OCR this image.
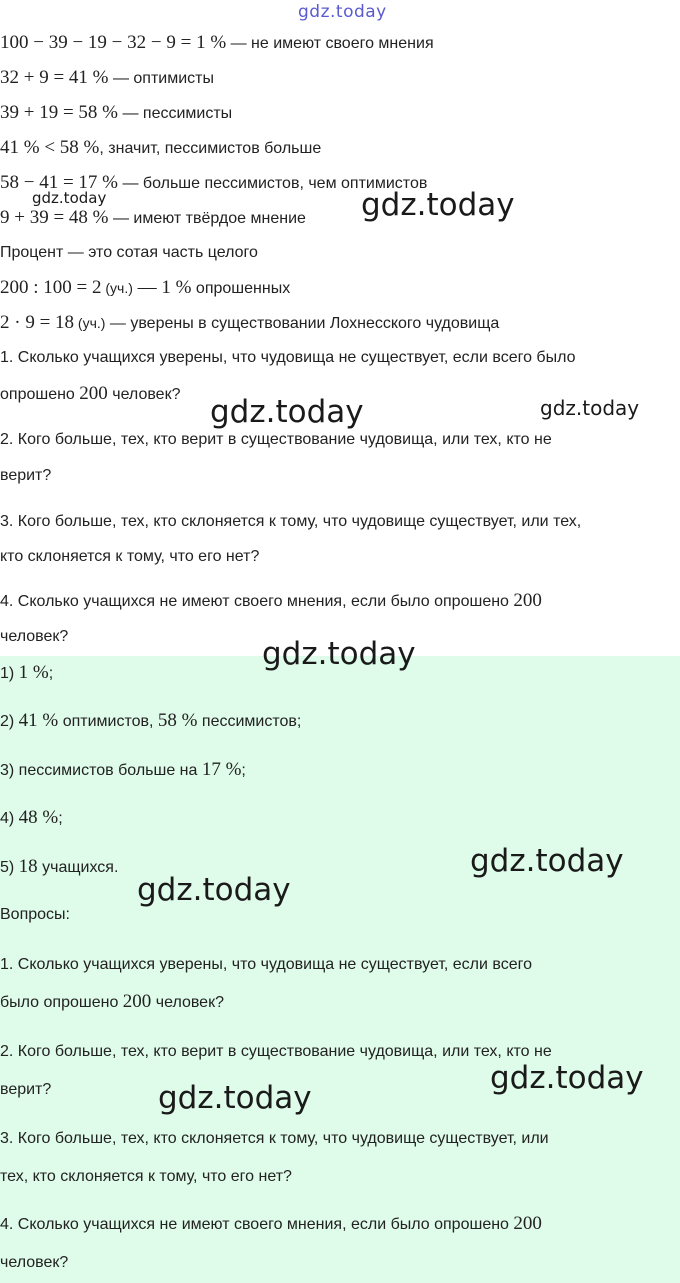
100 − 39 − 19 − 32 − 9 = 1 % — не имеют своего мнения
32 + 9 = 41 % — оптимисты
39 + 19 = 58 % — пессимисты
41 % < 58 %, значит, пессимистов больше
58 − 41 = 17 % — больше пессимистов, чем оптимистов
9 + 39 = 48 % — имеют твёрдое мнение
Процент — это сотая часть целого
200 : 100 = 2 (уч.) — 1 % опрошенных
2 · 9 = 18 (уч.) — уверены в существовании Лохнесского чудовища
1. Сколько учащихся уверены, что чудовища не существует, если всего было
опрошено 200 человек?
2. Кого больше, тех, кто верит в существование чудовища, или тех, кто не
верит?
3. Кого больше, тех, кто склоняется к тому, что чудовище существует, или тех,
кто склоняется к тому, что его нет?
4. Сколько учащихся не имеют своего мнения, если было опрошено 200
человек?
1) 1 %;
2) 41 % оптимистов, 58 % пессимистов;
3) пессимистов больше на 17 %;
4) 48 %;
5) 18 учащихся.
Вопросы:
1. Сколько учащихся уверены, что чудовища не существует, если всего
было опрошено 200 человек?
2. Кого больше, тех, кто верит в существование чудовища, или тех, кто не
верит?
3. Кого больше, тех, кто склоняется к тому, что чудовище существует, или
тех, кто склоняется к тому, что его нет?
4. Сколько учащихся не имеют своего мнения, если было опрошено 200
человек?
gdz.today
gdz.today	gdz.today
gdz.today	gdz.today
gdz.today
gdz.today
gdz.today
gdz.today
gdz.today
